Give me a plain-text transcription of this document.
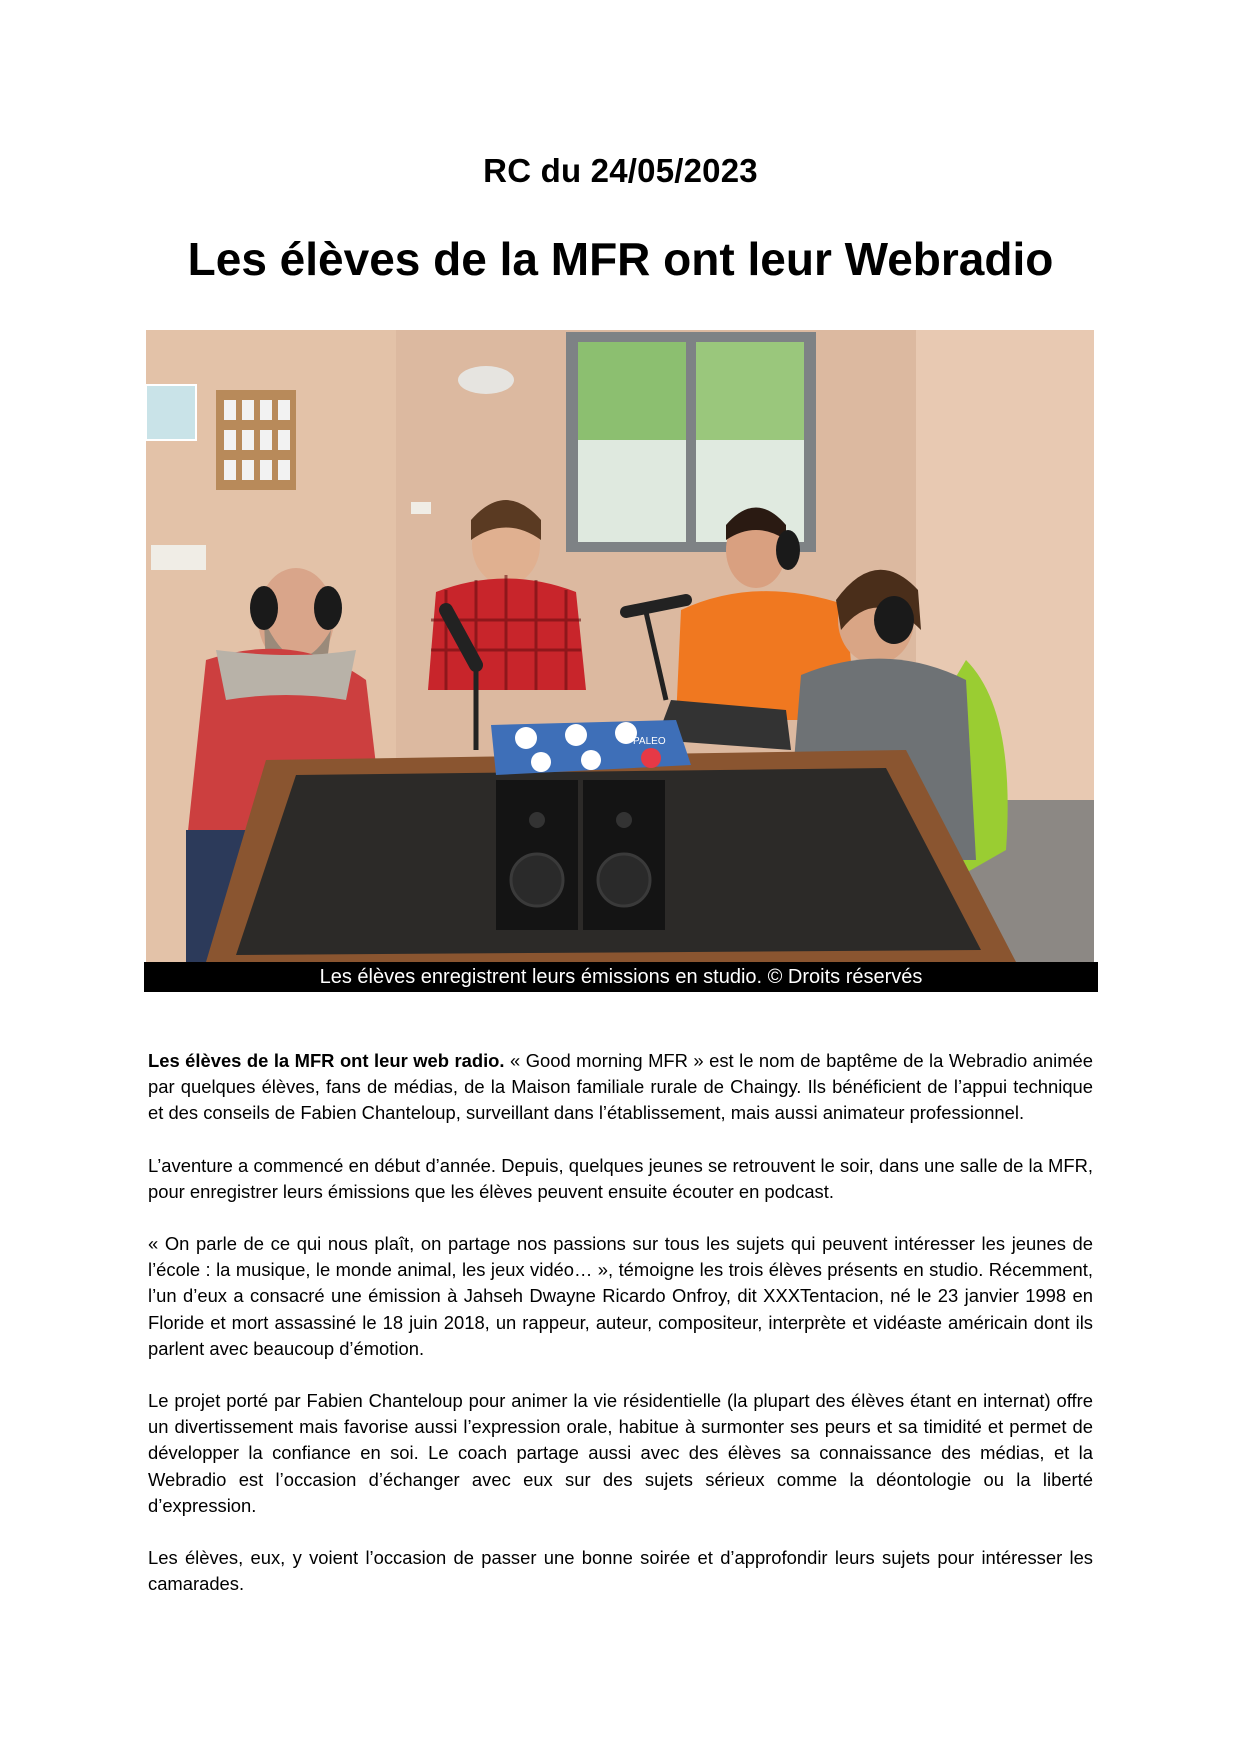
RC du 24/05/2023
Les élèves de la MFR ont leur Webradio
PALEO
Les élèves enregistrent leurs émissions en studio. © Droits réservés

Les élèves de la MFR ont leur web radio. « Good morning MFR » est le nom de baptême de la Webradio animée par quelques élèves, fans de médias, de la Maison familiale rurale de Chaingy. Ils bénéficient de l’appui technique et des conseils de Fabien Chanteloup, surveillant dans l’établissement, mais aussi animateur professionnel.

L’aventure a commencé en début d’année. Depuis, quelques jeunes se retrouvent le soir, dans une salle de la MFR, pour enregistrer leurs émissions que les élèves peuvent ensuite écouter en podcast.

« On parle de ce qui nous plaît, on partage nos passions sur tous les sujets qui peuvent intéresser les jeunes de l’école : la musique, le monde animal, les jeux vidéo… », témoigne les trois élèves présents en studio. Récemment, l’un d’eux a consacré une émission à Jahseh Dwayne Ricardo Onfroy, dit XXXTentacion, né le 23 janvier 1998 en Floride et mort assassiné le 18 juin 2018, un rappeur, auteur, compositeur, interprète et vidéaste américain dont ils parlent avec beaucoup d’émotion.

Le projet porté par Fabien Chanteloup pour animer la vie résidentielle (la plupart des élèves étant en internat) offre un divertissement mais favorise aussi l’expression orale, habitue à surmonter ses peurs et sa timidité et permet de développer la confiance en soi. Le coach partage aussi avec des élèves sa connaissance des médias, et la Webradio est l’occasion d’échanger avec eux sur des sujets sérieux comme la déontologie ou la liberté d’expression.

Les élèves, eux, y voient l’occasion de passer une bonne soirée et d’approfondir leurs sujets pour intéresser les camarades.
